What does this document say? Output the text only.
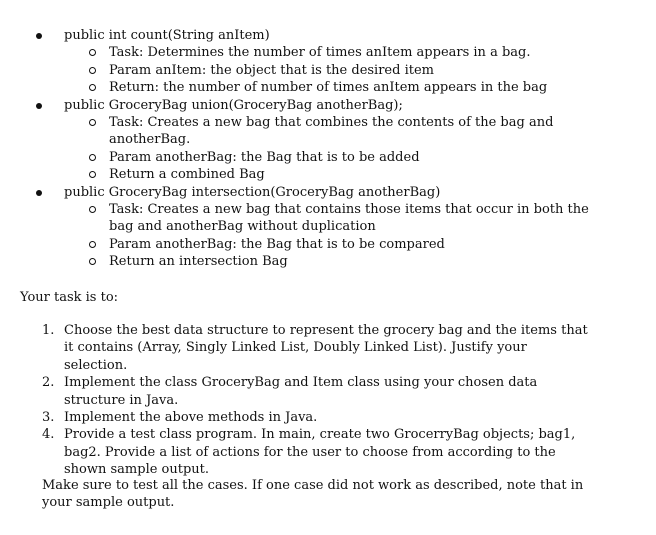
public int count(String anItem)
Task: Determines the number of times anItem appears in a bag.
Param anItem: the object that is the desired item
Return: the number of number of times anItem appears in the bag
public GroceryBag union(GroceryBag anotherBag);
Task: Creates a new bag that combines the contents of the bag and anotherBag.
Param anotherBag: the Bag that is to be added
Return a combined Bag
public GroceryBag intersection(GroceryBag anotherBag)
Task: Creates a new bag that contains those items that occur in both the bag and anotherBag without duplication
Param anotherBag: the Bag that is to be compared
Return an intersection Bag
Your task is to:
1. Choose the best data structure to represent the grocery bag and the items that it contains (Array, Singly Linked List, Doubly Linked List). Justify your selection.
2. Implement the class GroceryBag and Item class using your chosen data structure in Java.
3. Implement the above methods in Java.
4. Provide a test class program. In main, create two GrocerryBag objects; bag1, bag2. Provide a list of actions for the user to choose from according to the shown sample output.
Make sure to test all the cases. If one case did not work as described, note that in your sample output.
